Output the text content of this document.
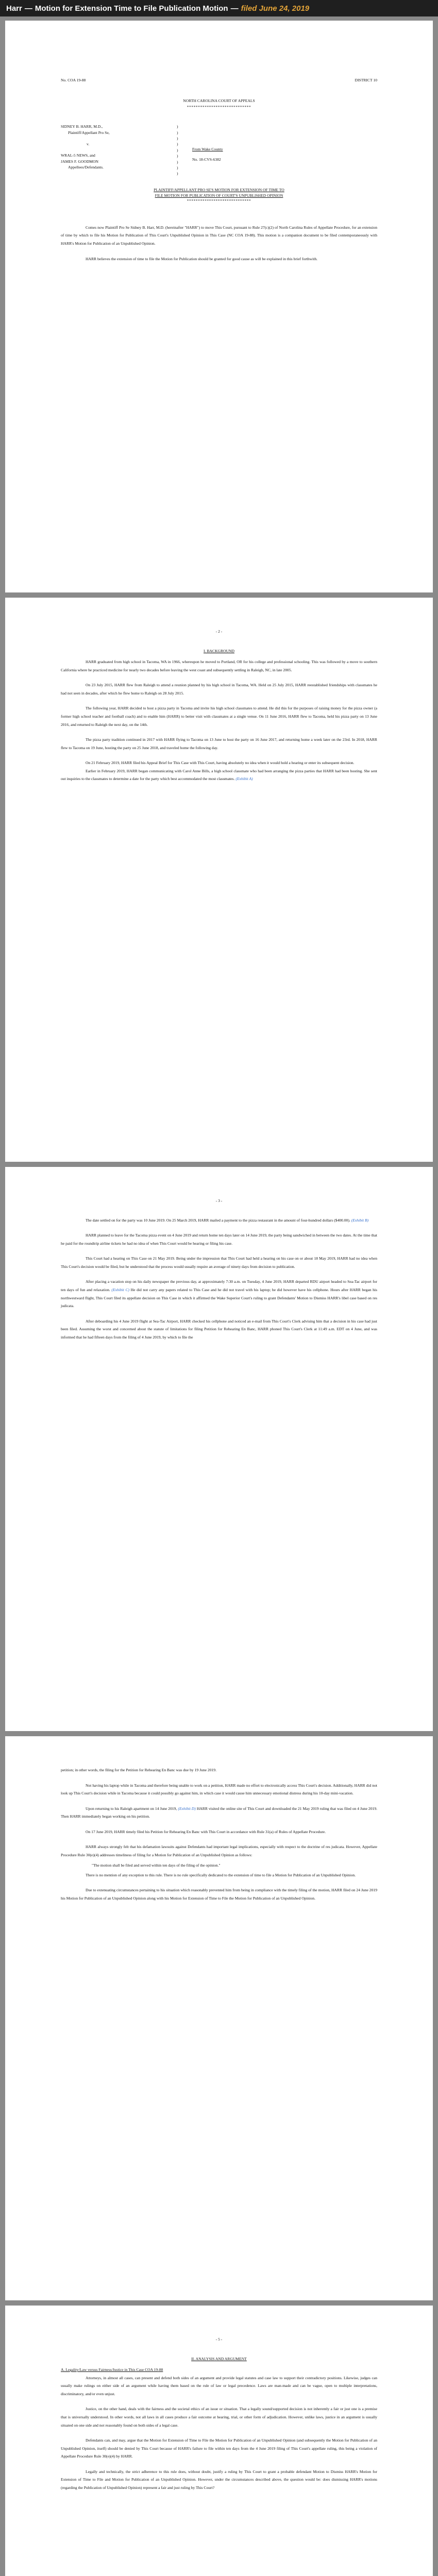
Harr — Motion for Extension Time to File Publication Motion — filed June 24, 2019
No. COA 19-88	DISTRICT 10
NORTH CAROLINA COURT OF APPEALS
*****************************
SIDNEY B. HARR, M.D.,
Plaintiff/Appellant Pro Se,
v.
WRAL-5 NEWS, and
JAMES F. GOODMON
Appellees/Defendants.
)
)
)
)
)
)
)
)
)
From Wake County
No. 18-CVS-6382
PLAINTIFF/APPELLANT PRO SE'S MOTION FOR EXTENSION OF TIME TO
FILE MOTION FOR PUBLICATION OF COURT'S UNPUBLISHED OPINION
*****************************

Comes now Plaintiff Pro Se Sidney B. Harr, M.D. (hereinafter "HARR") to move This Court, pursuant to Rule 27(c)(2) of North Carolina Rules of Appellate Procedure, for an extension of time by which to file his Motion for Publication of This Court's Unpublished Opinion in This Case (NC COA 19-88). This motion is a companion document to be filed contemporaneously with HARR's Motion for Publication of an Unpublished Opinion.

HARR believes the extension of time to file the Motion for Publication should be granted for good cause as will be explained in this brief forthwith.

- 2 -
I. BACKGROUND

HARR graduated from high school in Tacoma, WA in 1966, whereupon he moved to Portland, OR for his college and professional schooling. This was followed by a move to southern California where he practiced medicine for nearly two decades before leaving the west coast and subsequently settling in Raleigh, NC, in late 2005.

On 23 July 2015, HARR flew from Raleigh to attend a reunion planned by his high school in Tacoma, WA. Held on 25 July 2015, HARR reestablished friendships with classmates he had not seen in decades, after which he flew home to Raleigh on 28 July 2015.

The following year, HARR decided to host a pizza party in Tacoma and invite his high school classmates to attend. He did this for the purposes of raising money for the pizza owner (a former high school teacher and football coach) and to enable him (HARR) to better visit with classmates at a single venue. On 11 June 2016, HARR flew to Tacoma, held his pizza party on 13 June 2016, and returned to Raleigh the next day, on the 14th.

The pizza party tradition continued in 2017 with HARR flying to Tacoma on 13 June to host the party on 16 June 2017, and returning home a week later on the 23rd. In 2018, HARR flew to Tacoma on 19 June, hosting the party on 25 June 2018, and traveled home the following day.

On 21 February 2019, HARR filed his Appeal Brief for This Case with This Court, having absolutely no idea when it would hold a hearing or enter its subsequent decision.

Earlier in February 2019, HARR began communicating with Carol Anne Bills, a high school classmate who had been arranging the pizza parties that HARR had been hosting. She sent out inquiries to the classmates to determine a date for the party which best accommodated the most classmates. (Exhibit A)

- 3 -

The date settled on for the party was 10 June 2019. On 25 March 2019, HARR mailed a payment to the pizza restaurant in the amount of four-hundred dollars ($400.00). (Exhibit B)

HARR planned to leave for the Tacoma pizza event on 4 June 2019 and return home ten days later on 14 June 2019, the party being sandwiched in between the two dates. At the time that he paid for the roundtrip airline tickets he had no idea of when This Court would be hearing or filing his case.

This Court had a hearing on This Case on 21 May 2019. Being under the impression that This Court had held a hearing on his case on or about 18 May 2019, HARR had no idea when This Court's decision would be filed, but he understood that the process would usually require an average of ninety days from decision to publication.

After placing a vacation stop on his daily newspaper the previous day, at approximately 7:30 a.m. on Tuesday, 4 June 2019, HARR departed RDU airport headed to Sea-Tac airport for ten days of fun and relaxation. (Exhibit C) He did not carry any papers related to This Case and he did not travel with his laptop; he did however have his cellphone. Hours after HARR began his northwestward flight, This Court filed its appellate decision on This Case in which it affirmed the Wake Superior Court's ruling to grant Defendants' Motion to Dismiss HARR's libel case based on res judicata.

After deboarding his 4 June 2019 flight at Sea-Tac Airport, HARR checked his cellphone and noticed an e-mail from This Court's Clerk advising him that a decision in his case had just been filed. Assuming the worst and concerned about the statute of limitations for filing Petition for Rehearing En Banc, HARR phoned This Court's Clerk at 11:49 a.m. EDT on 4 June, and was informed that he had fifteen days from the filing of 4 June 2019, by which to file the

petition; in other words, the filing for the Petition for Rehearing En Banc was due by 19 June 2019.

Not having his laptop while in Tacoma and therefore being unable to work on a petition, HARR made no effort to electronically access This Court's decision. Additionally, HARR did not look up This Court's decision while in Tacoma because it could possibly go against him, in which case it would cause him unnecessary emotional distress during his 10-day mini-vacation.

Upon returning to his Raleigh apartment on 14 June 2019, (Exhibit D) HARR visited the online site of This Court and downloaded the 21 May 2019 ruling that was filed on 4 June 2019. Then HARR immediately began working on his petition.

On 17 June 2019, HARR timely filed his Petition for Rehearing En Banc with This Court in accordance with Rule 31(a) of Rules of Appellate Procedure.

HARR always strongly felt that his defamation lawsuits against Defendants had important legal implications, especially with respect to the doctrine of res judicata. However, Appellate Procedure Rule 30(e)(4) addresses timeliness of filing for a Motion for Publication of an Unpublished Opinion as follows:

"The motion shall be filed and served within ten days of the filing of the opinion."

There is no mention of any exception to this rule. There is no rule specifically dedicated to the extension of time to file a Motion for Publication of an Unpublished Opinion.

Due to extenuating circumstances pertaining to his situation which reasonably prevented him from being in compliance with the timely filing of the motion, HARR filed on 24 June 2019 his Motion for Publication of an Unpublished Opinion along with his Motion for Extension of Time to File the Motion for Publication of an Unpublished Opinion.

- 5 -
II. ANALYSIS AND ARGUMENT
A. Legality/Law versus Fairness/Justice in This Case COA 19-88

Attorneys, in almost all cases, can present and defend both sides of an argument and provide legal statutes and case law to support their contradictory positions. Likewise, judges can usually make rulings on either side of an argument while having them based on the rule of law or legal precedence. Laws are man-made and can be vague, open to multiple interpretations, discriminatory, and/or even unjust.

Justice, on the other hand, deals with the fairness and the societal ethics of an issue or situation. That a legally sound/supported decision is not inherently a fair or just one is a premise that is universally understood. In other words, not all laws in all cases produce a fair outcome at hearing, trial, or other form of adjudication. However, unlike laws, justice in an argument is usually situated on one side and not reasonably found on both sides of a legal case.

Defendants can, and may, argue that the Motion for Extension of Time to File the Motion for Publication of an Unpublished Opinion (and subsequently the Motion for Publication of an Unpublished Opinion, itself) should be denied by This Court because of HARR's failure to file within ten days from the 4 June 2019 filing of This Court's appellate ruling, this being a violation of Appellate Procedure Rule 30(e)(4) by HARR.

Legally and technically, the strict adherence to this rule does, without doubt, justify a ruling by This Court to grant a probable defendant Motion to Dismiss HARR's Motion for Extension of Time to File and Motion for Publication of an Unpublished Opinion. However, under the circumstances described above, the question would be: does dismissing HARR's motions (regarding the Publication of Unpublished Opinion) represent a fair and just ruling by This Court?
